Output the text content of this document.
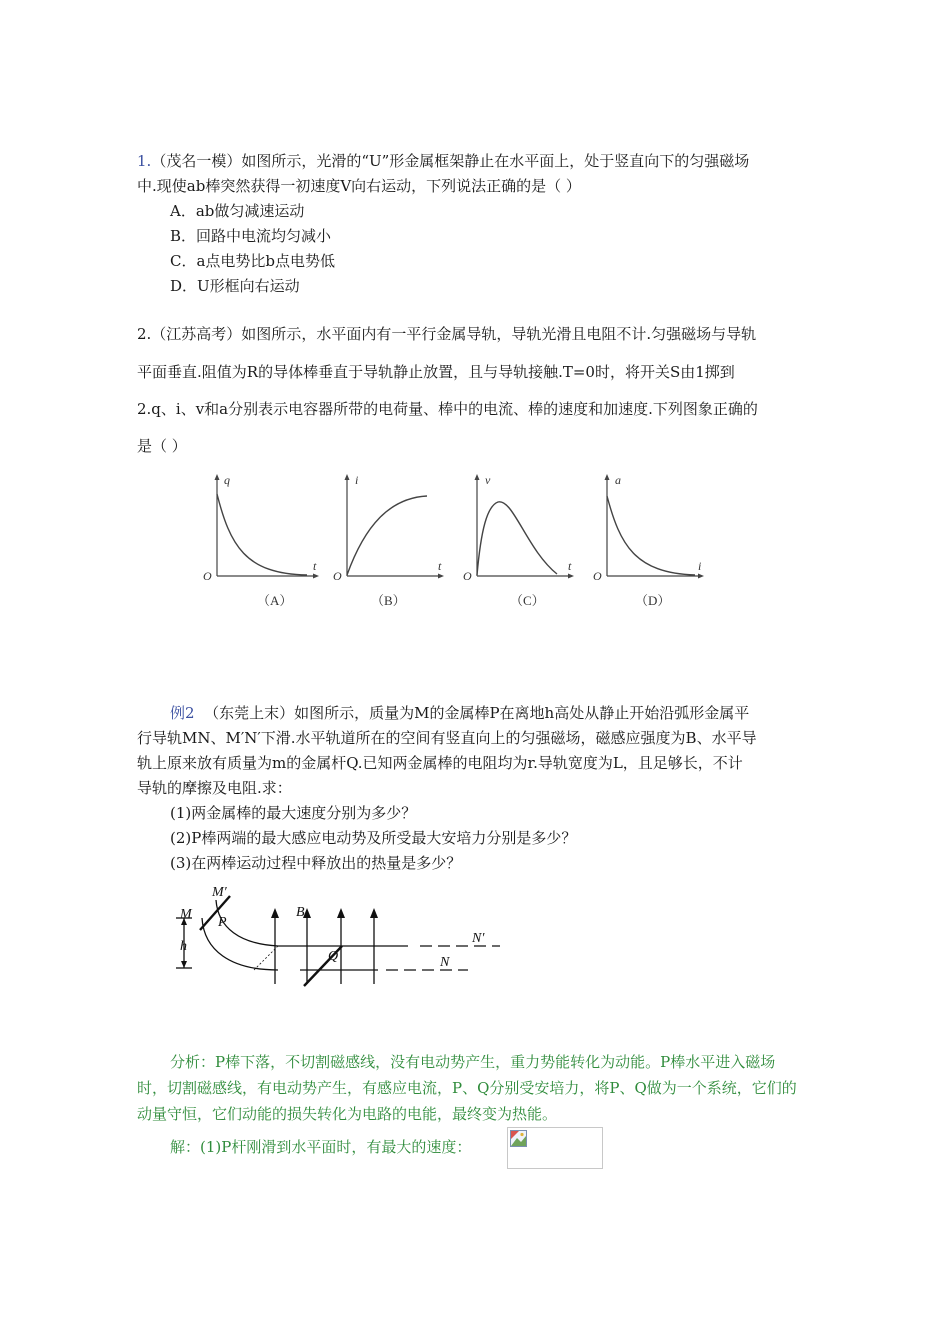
1.（茂名一模）如图所示，光滑的“U”形金属框架静止在水平面上，处于竖直向下的匀强磁场
中.现使ab棒突然获得一初速度V向右运动，下列说法正确的是（ ）
A．ab做匀减速运动
B．回路中电流均匀减小
C．a点电势比b点电势低
D．U形框向右运动
2.（江苏高考）如图所示，水平面内有一平行金属导轨，导轨光滑且电阻不计.匀强磁场与导轨
平面垂直.阻值为R的导体棒垂直于导轨静止放置，且与导轨接触.T=0时，将开关S由1掷到
2.q、i、v和a分别表示电容器所带的电荷量、棒中的电流、棒的速度和加速度.下列图象正确的
是（ ）
q
t
O
（A）
i
t
O
（B）
v
t
O
（C）
a
i
O
（D）
例2 （东莞上末）如图所示，质量为M的金属棒P在离地h高处从静止开始沿弧形金属平
行导轨MN、M′N′下滑.水平轨道所在的空间有竖直向上的匀强磁场，磁感应强度为B、水平导
轨上原来放有质量为m的金属杆Q.已知两金属棒的电阻均为r.导轨宽度为L，且足够长，不计
导轨的摩擦及电阻.求：
(1)两金属棒的最大速度分别为多少？
(2)P棒两端的最大感应电动势及所受最大安培力分别是多少？
(3)在两棒运动过程中释放出的热量是多少？
M′
M
P
h
B
Q
N′
N
分析：P棒下落，不切割磁感线，没有电动势产生，重力势能转化为动能。P棒水平进入磁场
时，切割磁感线，有电动势产生，有感应电流，P、Q分别受安培力，将P、Q做为一个系统，它们的
动量守恒，它们动能的损失转化为电路的电能，最终变为热能。
解：(1)P杆刚滑到水平面时，有最大的速度：
